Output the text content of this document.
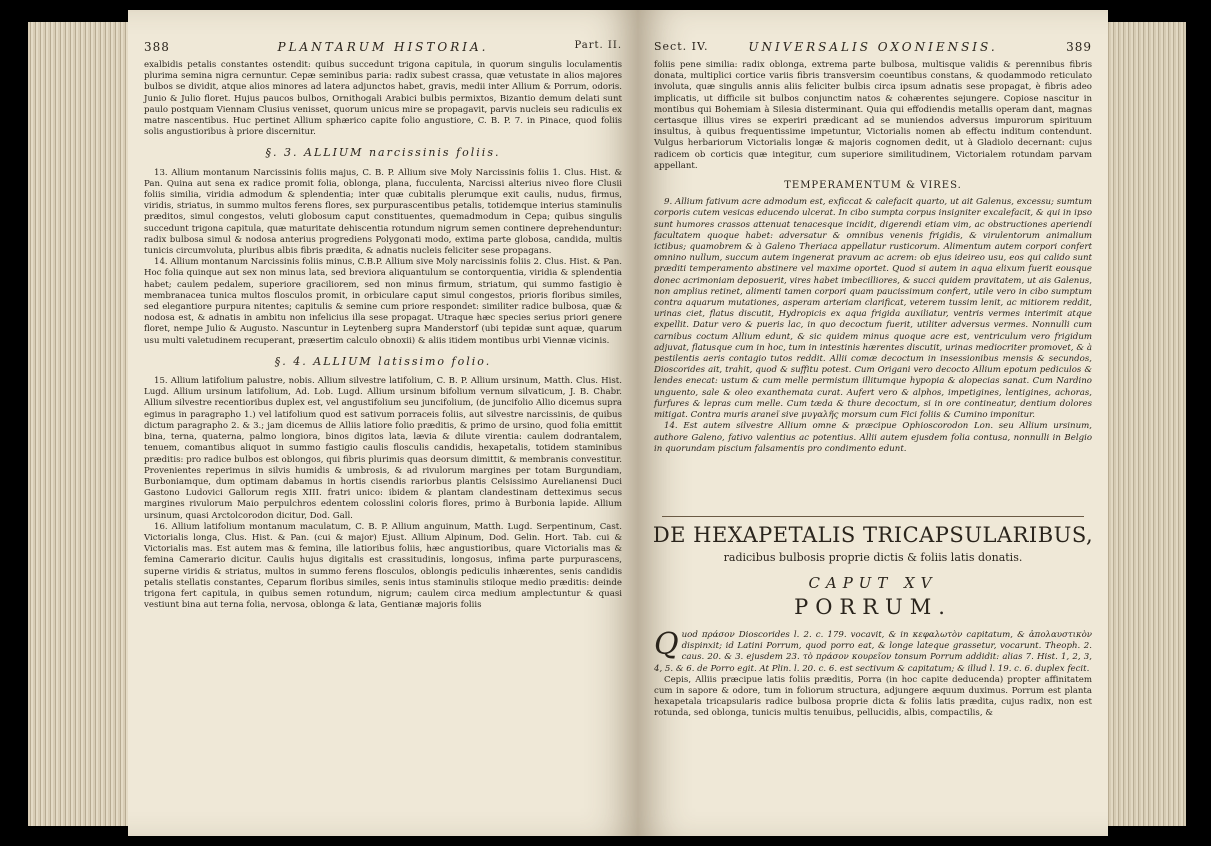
388	PLANTARUM HISTORIA.	Part. II.

exalbidis petalis constantes ostendit: quibus succedunt trigona capitula, in quorum singulis loculamentis plurima semina nigra cernuntur. Cepæ seminibus paria: radix subest crassa, quæ vetustate in alios majores bulbos se dividit, atque alios minores ad latera adjunctos habet, gravis, medii inter Allium & Porrum, odoris. Junio & Julio floret. Hujus paucos bulbos, Ornithogali Arabici bulbis permixtos, Bizantio demum delati sunt paulo postquam Viennam Clusius venisset, quorum unicus mire se propagavit, parvis nucleis seu radiculis ex matre nascentibus. Huc pertinet Allium sphærico capite folio angustiore, C. B. P. 7. in Pinace, quod foliis solis angustioribus à priore discernitur.

§. 3. ALLIUM narcissinis foliis.

13. Allium montanum Narcissinis foliis majus, C. B. P. Allium sive Moly Narcissinis foliis 1. Clus. Hist. & Pan. Quina aut sena ex radice promit folia, oblonga, plana, fucculenta, Narcissi alterius niveo flore Clusii foliis similia, viridia admodum & splendentia; inter quæ cubitalis plerumque exit caulis, nudus, firmus, viridis, striatus, in summo multos ferens flores, sex purpurascentibus petalis, totidemque interius staminulis præditos, simul congestos, veluti globosum caput constituentes, quemadmodum in Cepa; quibus singulis succedunt trigona capitula, quæ maturitate dehiscentia rotundum nigrum semen continere deprehenduntur: radix bulbosa simul & nodosa anterius progrediens Polygonati modo, extima parte globosa, candida, multis tunicis circumvoluta, pluribus albis fibris prædita, & adnatis nucleis feliciter sese propagans.

14. Allium montanum Narcissinis foliis minus, C.B.P. Allium sive Moly narcissinis foliis 2. Clus. Hist. & Pan. Hoc folia quinque aut sex non minus lata, sed breviora aliquantulum se contorquentia, viridia & splendentia habet; caulem pedalem, superiore graciliorem, sed non minus firmum, striatum, qui summo fastigio è membranacea tunica multos flosculos promit, in orbiculare caput simul congestos, prioris floribus similes, sed elegantiore purpura nitentes; capitulis & semine cum priore respondet: similiter radice bulbosa, quæ & nodosa est, & adnatis in ambitu non infelicius illa sese propagat. Utraque hæc species serius priori genere floret, nempe Julio & Augusto. Nascuntur in Leytenberg supra Manderstorf (ubi tepidæ sunt aquæ, quarum usu multi valetudinem recuperant, præsertim calculo obnoxii) & aliis itidem montibus urbi Viennæ vicinis.

§. 4. ALLIUM latissimo folio.

15. Allium latifolium palustre, nobis. Allium silvestre latifolium, C. B. P. Allium ursinum, Matth. Clus. Hist. Lugd. Allium ursinum latifolium, Ad. Lob. Lugd. Allium ursinum bifolium vernum silvaticum, J. B. Chabr. Allium silvestre recentioribus duplex est, vel angustifolium seu juncifolium, (de juncifolio Allio dicemus supra egimus in paragrapho 1.) vel latifolium quod est sativum porraceis foliis, aut silvestre narcissinis, de quibus dictum paragrapho 2. & 3.; jam dicemus de Alliis latiore folio præditis, & primo de ursino, quod folia emittit bina, terna, quaterna, palmo longiora, binos digitos lata, lævia & dilute virentia: caulem dodrantalem, tenuem, comantibus aliquot in summo fastigio caulis flosculis candidis, hexapetalis, totidem staminibus præditis: pro radice bulbos est oblongos, qui fibris plurimis quas deorsum dimittit, & membranis convestitur. Provenientes reperimus in silvis humidis & umbrosis, & ad rivulorum margines per totam Burgundiam, Burboniamque, dum optimam dabamus in hortis cisendis rariorbus plantis Celsissimo Aurelianensi Duci Gastono Ludovici Gallorum regis XIII. fratri unico: ibidem & plantam clandestinam detteximus secus margines rivulorum Maio perpulchros edentem colosslini coloris flores, primo à Burbonia lapide. Allium ursinum, quasi Arctolcorodon dicitur, Dod. Gall.

16. Allium latifolium montanum maculatum, C. B. P. Allium anguinum, Matth. Lugd. Serpentinum, Cast. Victorialis longa, Clus. Hist. & Pan. (cui & major) Ejust. Allium Alpinum, Dod. Gelin. Hort. Tab. cui & Victorialis mas. Est autem mas & femina, ille latioribus foliis, hæc angustioribus, quare Victorialis mas & femina Camerario dicitur. Caulis hujus digitalis est crassitudinis, longosus, infima parte purpurascens, superne viridis & striatus, multos in summo ferens flosculos, oblongis pediculis inhærentes, senis candidis petalis stellatis constantes, Ceparum floribus similes, senis intus staminulis stiloque medio præditis: deinde trigona fert capitula, in quibus semen rotundum, nigrum; caulem circa medium amplectuntur & quasi vestiunt bina aut terna folia, nervosa, oblonga & lata, Gentianæ majoris foliis

Sect. IV.	UNIVERSALIS OXONIENSIS.	389

foliis pene similia: radix oblonga, extrema parte bulbosa, multisque validis & perennibus fibris donata, multiplici cortice variis fibris transversim coeuntibus constans, & quodammodo reticulato involuta, quæ singulis annis aliis feliciter bulbis circa ipsum adnatis sese propagat, è fibris adeo implicatis, ut difficile sit bulbos conjunctim natos & cohærentes sejungere. Copiose nascitur in montibus qui Bohemiam à Silesia disterminant. Quia qui effodiendis metallis operam dant, magnas certasque illius vires se experiri prædicant ad se muniendos adversus impurorum spirituum insultus, à quibus frequentissime impetuntur, Victorialis nomen ab effectu inditum contendunt. Vulgus herbariorum Victorialis longæ & majoris cognomen dedit, ut à Gladiolo decernant: cujus radicem ob corticis quæ integitur, cum superiore similitudinem, Victorialem rotundam parvam appellant.

TEMPERAMENTUM & VIRES.

9. Allium fativum acre admodum est, exficcat & calefacit quarto, ut ait Galenus, excessu; sumtum corporis cutem vesicas educendo ulcerat. In cibo sumpta corpus insigniter excalefacit, & qui in ipso sunt humores crassos attenuat tenacesque incidit, digerendi etiam vim, ac obstructiones aperiendi facultatem quoque habet: adversatur & omnibus venenis frigidis, & virulentorum animalium ictibus; quamobrem & à Galeno Theriaca appellatur rusticorum. Alimentum autem corpori confert omnino nullum, succum autem ingenerat pravum ac acrem: ob ejus ideireo usu, eos qui calido sunt præditi temperamento abstinere vel maxime oportet. Quod si autem in aqua elixum fuerit eousque donec acrimoniam deposuerit, vires habet imbecilliores, & succi quidem pravitatem, ut ais Galenus, non amplius retinet, alimenti tamen corpori quam paucissimum confert, utile vero in cibo sumptum contra aquarum mutationes, asperam arteriam clarificat, veterem tussim lenit, ac mitiorem reddit, urinas ciet, flatus discutit, Hydropicis ex aqua frigida auxiliatur, ventris vermes interimit atque expellit. Datur vero & pueris lac, in quo decoctum fuerit, utiliter adversus vermes. Nonnulli cum carnibus coctum Allium edunt, & sic quidem minus quoque acre est, ventriculum vero frigidum adjuvat, flatusque cum in hoc, tum in intestinis hærentes discutit, urinas mediocriter promovet, & à pestilentis aeris contagio tutos reddit. Allii comæ decoctum in insessionibus mensis & secundos, Dioscorides ait, trahit, quod & suffitu potest. Cum Origani vero decocto Allium epotum pediculos & lendes enecat: ustum & cum melle permistum illitumque hypopia & alopecias sanat. Cum Nardino unguento, sale & oleo exanthemata curat. Aufert vero & alphos, impetigines, lentigines, achoras, furfures & lepras cum melle. Cum tæda & thure decoctum, si in ore contineatur, dentium dolores mitigat. Contra muris araneï sive μυγαλῆς morsum cum Fici foliis & Cumino imponitur.

14. Est autem silvestre Allium omne & præcipue Ophioscorodon Lon. seu Allium ursinum, authore Galeno, fativo valentius ac potentius. Allii autem ejusdem folia contusa, nonnulli in Belgio in quorundam piscium falsamentis pro condimento edunt.

DE HEXAPETALIS TRICAPSULARIBUS,
radicibus bulbosis proprie dictis & foliis latis donatis.
CAPUT XV
PORRUM.

Quod πράσον Dioscorides l. 2. c. 179. vocavit, & in κεφαλωτὸν capitatum, & ἀπολαυστικὸν dispinxit; id Latini Porrum, quod porro eat, & longe lateque grassetur, vocarunt. Theoph. 2. caus. 20. & 3. ejusdem 23. τὸ πράσον κουρεῖον tonsum Porrum addidit: alias 7. Hist. 1, 2, 3, 4, 5. & 6. de Porro egit. At Plin. l. 20. c. 6. est sectivum & capitatum; & illud l. 19. c. 6. duplex fecit.

Cepis, Alliis præcipue latis foliis præditis, Porra (in hoc capite deducenda) propter affinitatem cum in sapore & odore, tum in foliorum structura, adjungere æquum duximus. Porrum est planta hexapetala tricapsularis radice bulbosa proprie dicta & foliis latis prædita, cujus radix, non est rotunda, sed oblonga, tunicis multis tenuibus, pellucidis, albis, compactilis, &
